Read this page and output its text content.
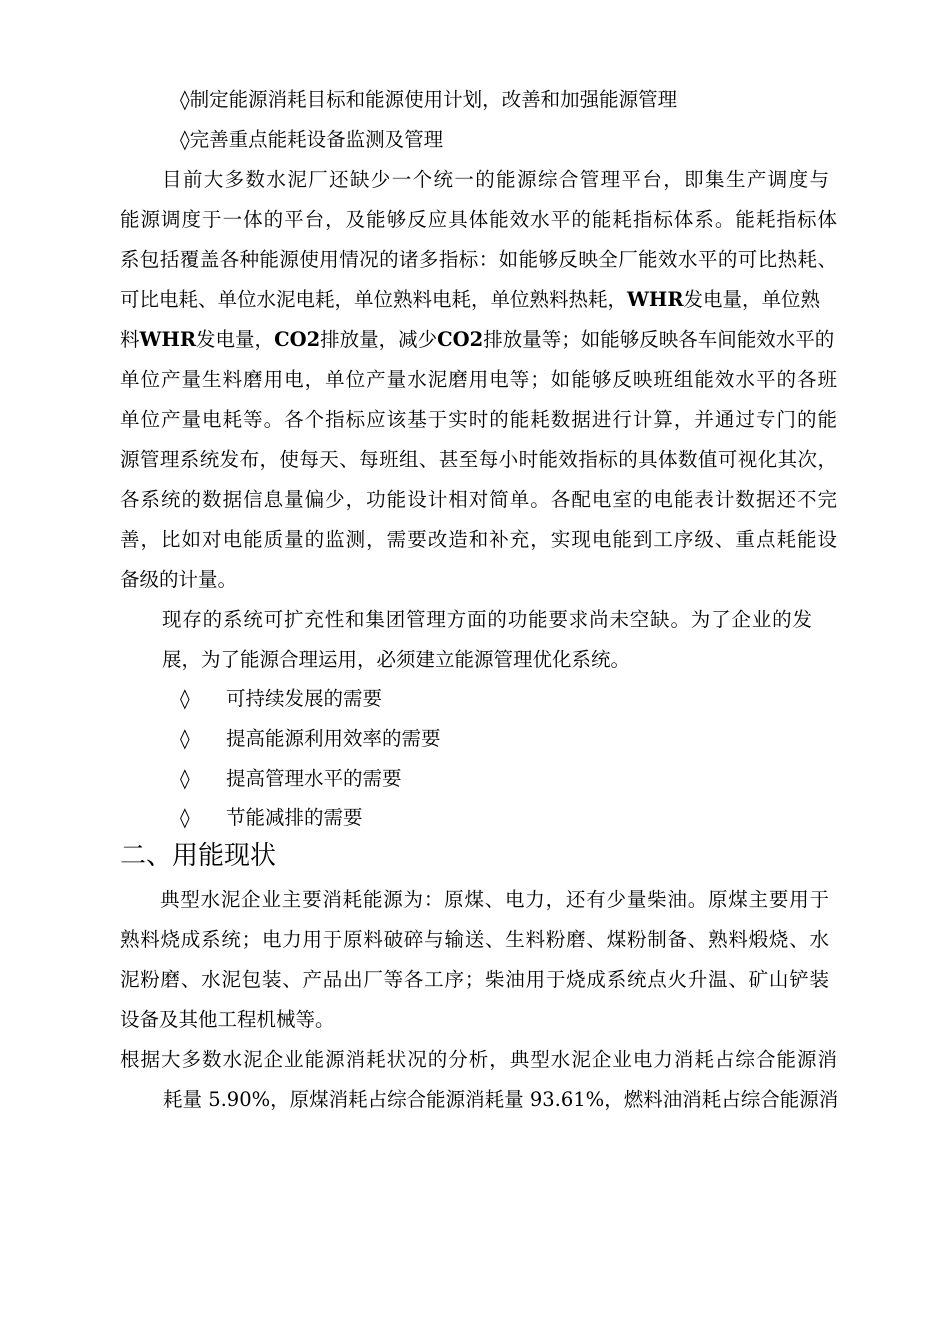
◊制定能源消耗目标和能源使用计划，改善和加强能源管理
◊完善重点能耗设备监测及管理
目前大多数水泥厂还缺少一个统一的能源综合管理平台，即集生产调度与
能源调度于一体的平台，及能够反应具体能效水平的能耗指标体系。能耗指标体
系包括覆盖各种能源使用情况的诸多指标：如能够反映全厂能效水平的可比热耗、
可比电耗、单位水泥电耗，单位熟料电耗，单位熟料热耗，WHR发电量，单位熟
料WHR发电量，CO2排放量，减少CO2排放量等；如能够反映各车间能效水平的
单位产量生料磨用电，单位产量水泥磨用电等；如能够反映班组能效水平的各班
单位产量电耗等。各个指标应该基于实时的能耗数据进行计算，并通过专门的能
源管理系统发布，使每天、每班组、甚至每小时能效指标的具体数值可视化其次，
各系统的数据信息量偏少，功能设计相对简单。各配电室的电能表计数据还不完
善，比如对电能质量的监测，需要改造和补充，实现电能到工序级、重点耗能设
备级的计量。
现存的系统可扩充性和集团管理方面的功能要求尚未空缺。为了企业的发
展，为了能源合理运用，必须建立能源管理优化系统。
◊ 可持续发展的需要
◊ 提高能源利用效率的需要
◊ 提高管理水平的需要
◊ 节能减排的需要
二、用能现状
典型水泥企业主要消耗能源为：原煤、电力，还有少量柴油。原煤主要用于
熟料烧成系统；电力用于原料破碎与输送、生料粉磨、煤粉制备、熟料煅烧、水
泥粉磨、水泥包装、产品出厂等各工序；柴油用于烧成系统点火升温、矿山铲装
设备及其他工程机械等。
根据大多数水泥企业能源消耗状况的分析，典型水泥企业电力消耗占综合能源消
耗量 5.90%，原煤消耗占综合能源消耗量 93.61%，燃料油消耗占综合能源消
